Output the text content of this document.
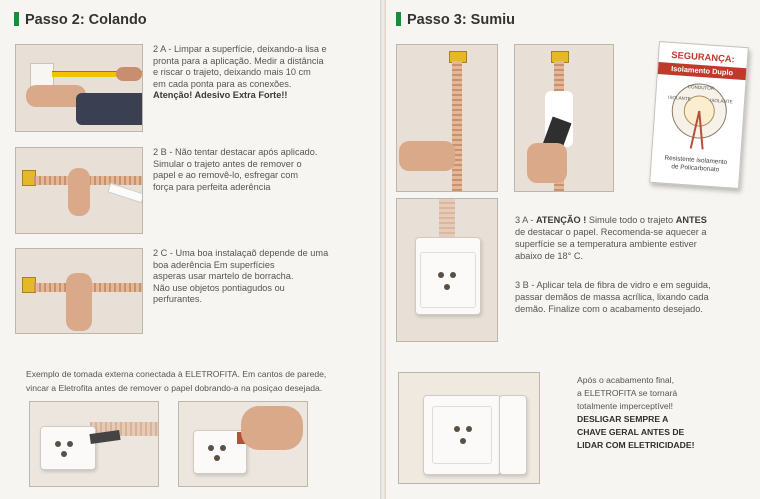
Passo 2: Colando
2 A - Limpar a superfície, deixando-a lisa e
pronta para a aplicação. Medir a distância
e riscar o trajeto, deixando mais 10 cm
em cada ponta para as conexões.
Atenção! Adesivo Extra Forte!!
2 B - Não tentar destacar após aplicado.
Simular o trajeto antes de remover o
papel e ao removê-lo, esfregar com
força para perfeita aderência
2 C - Uma boa instalaçaõ depende de uma
boa aderência Em superfícies
asperas usar martelo de borracha.
Não use objetos pontiagudos ou
perfurantes.
Exemplo de tomada externa conectada à ELETROFITA. Em cantos de parede,
vincar a Eletrofita antes de remover o papel dobrando-a na posiçao desejada.
Passo 3: Sumiu
SEGURANÇA:
Isolamento Duplo
CONDUTOR
ISOLANTE	ISOLANTE
Resistente isolamento
de Policarbonato
3 A - ATENÇÃO ! Simule todo o trajeto ANTES
de destacar o papel. Recomenda-se aquecer a
superfície se a temperatura ambiente estiver
abaixo de 18° C.
3 B - Aplicar tela de fibra de vidro e em seguida,
passar demãos de massa acrílica, lixando cada
demão. Finalize com o acabamento desejado.
Após o acabamento final,
a ELETROFITA se tornará
totalmente imperceptível!
DESLIGAR SEMPRE A
CHAVE GERAL ANTES DE
LIDAR COM ELETRICIDADE!
